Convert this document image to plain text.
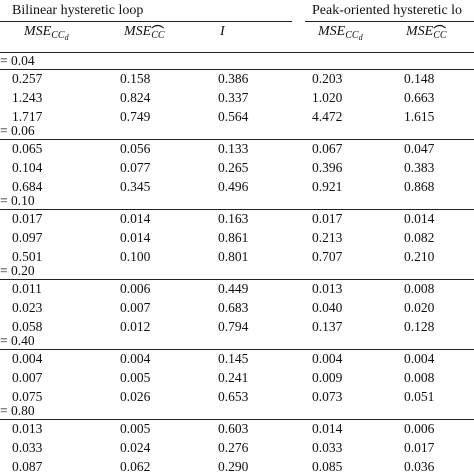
Bilinear hysteretic loop	Peak-oriented hysteretic lo
$MSE_{CC_d}$	$MSE_{CC}$	I	$MSE_{CC_d}$	$MSE_{CC}$
= 0.04
0.257	0.158	0.386	0.203	0.148
1.243	0.824	0.337	1.020	0.663
1.717	0.749	0.564	4.472	1.615
= 0.06
0.065	0.056	0.133	0.067	0.047
0.104	0.077	0.265	0.396	0.383
0.684	0.345	0.496	0.921	0.868
= 0.10
0.017	0.014	0.163	0.017	0.014
0.097	0.014	0.861	0.213	0.082
0.501	0.100	0.801	0.707	0.210
= 0.20
0.011	0.006	0.449	0.013	0.008
0.023	0.007	0.683	0.040	0.020
0.058	0.012	0.794	0.137	0.128
= 0.40
0.004	0.004	0.145	0.004	0.004
0.007	0.005	0.241	0.009	0.008
0.075	0.026	0.653	0.073	0.051
= 0.80
0.013	0.005	0.603	0.014	0.006
0.033	0.024	0.276	0.033	0.017
0.087	0.062	0.290	0.085	0.036
